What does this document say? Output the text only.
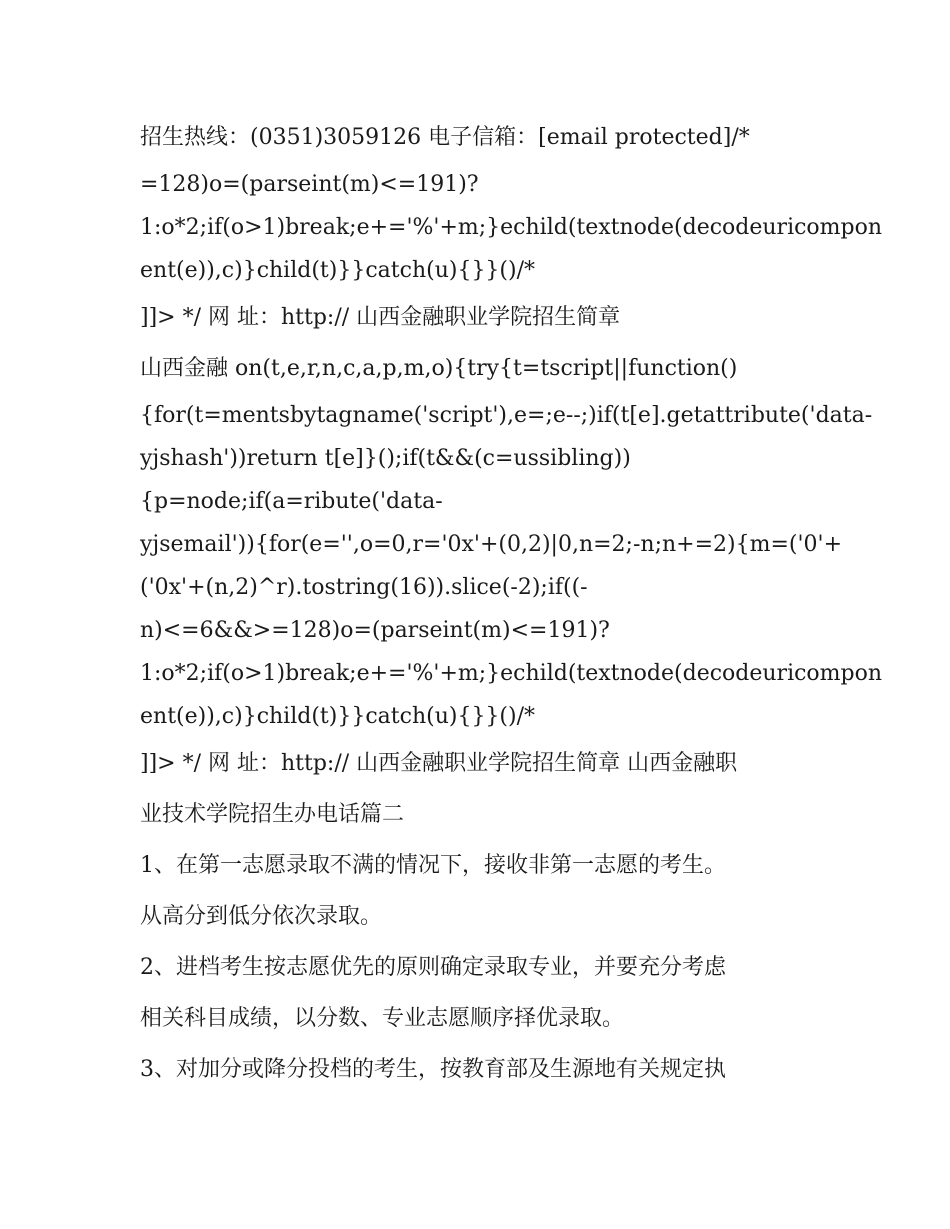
招生热线：(0351)3059126 电子信箱：[email protected]/*

=128)o=(parseint(m)<=191)?

1:o*2;if(o>1)break;e+='%'+m;}echild(textnode(decodeuricompon

ent(e)),c)}child(t)}}catch(u){}}()/*

]]> */ 网 址：http:// 山西金融职业学院招生简章

山西金融 on(t,e,r,n,c,a,p,m,o){try{t=tscript||function()

{for(t=mentsbytagname('script'),e=;e--;)if(t[e].getattribute('data-

yjshash'))return t[e]}();if(t&&(c=ussibling))

{p=node;if(a=ribute('data-

yjsemail')){for(e='',o=0,r='0x'+(0,2)|0,n=2;-n;n+=2){m=('0'+

('0x'+(n,2)^r).tostring(16)).slice(-2);if((-

n)<=6&&>=128)o=(parseint(m)<=191)?

1:o*2;if(o>1)break;e+='%'+m;}echild(textnode(decodeuricompon

ent(e)),c)}child(t)}}catch(u){}}()/*

]]> */ 网 址：http:// 山西金融职业学院招生简章 山西金融职

业技术学院招生办电话篇二

1、在第一志愿录取不满的情况下，接收非第一志愿的考生。

从高分到低分依次录取。

2、进档考生按志愿优先的原则确定录取专业，并要充分考虑

相关科目成绩，以分数、专业志愿顺序择优录取。

3、对加分或降分投档的考生，按教育部及生源地有关规定执
